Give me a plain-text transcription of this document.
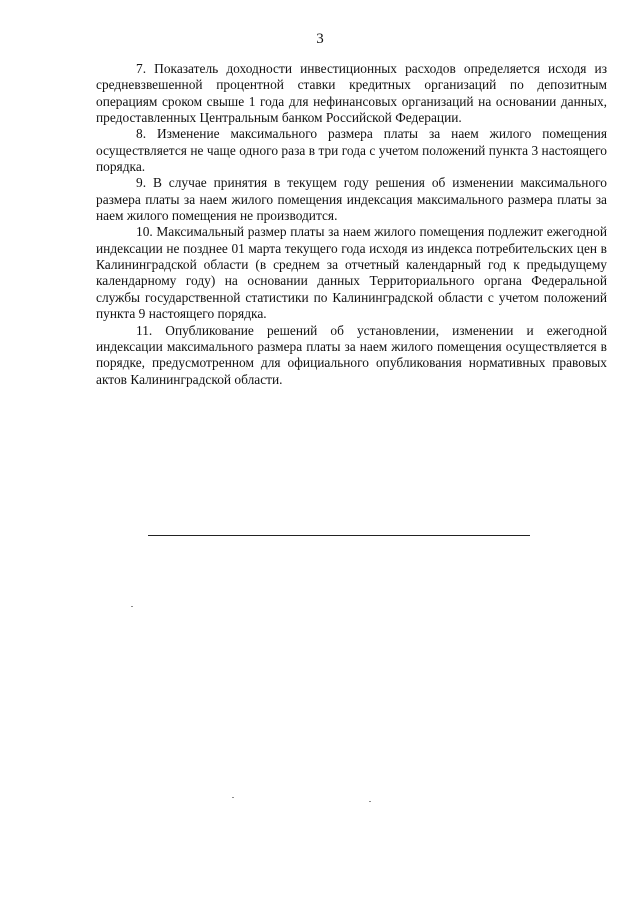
3

7. Показатель доходности инвестиционных расходов определяется исходя из средневзвешенной процентной ставки кредитных организаций по депозитным операциям сроком свыше 1 года для нефинансовых организаций на основании данных, предоставленных Центральным банком Российской Федерации.

8. Изменение максимального размера платы за наем жилого помещения осуществляется не чаще одного раза в три года с учетом положений пункта 3 настоящего порядка.

9. В случае принятия в текущем году решения об изменении максимального размера платы за наем жилого помещения индексация максимального размера платы за наем жилого помещения не производится.

10. Максимальный размер платы за наем жилого помещения подлежит ежегодной индексации не позднее 01 марта текущего года исходя из индекса потребительских цен в Калининградской области (в среднем за отчетный календарный год к предыдущему календарному году) на основании данных Территориального органа Федеральной службы государственной статистики по Калининградской области с учетом положений пункта 9 настоящего порядка.

11. Опубликование решений об установлении, изменении и ежегодной индексации максимального размера платы за наем жилого помещения осуществляется в порядке, предусмотренном для официального опубликования нормативных правовых актов Калининградской области.
